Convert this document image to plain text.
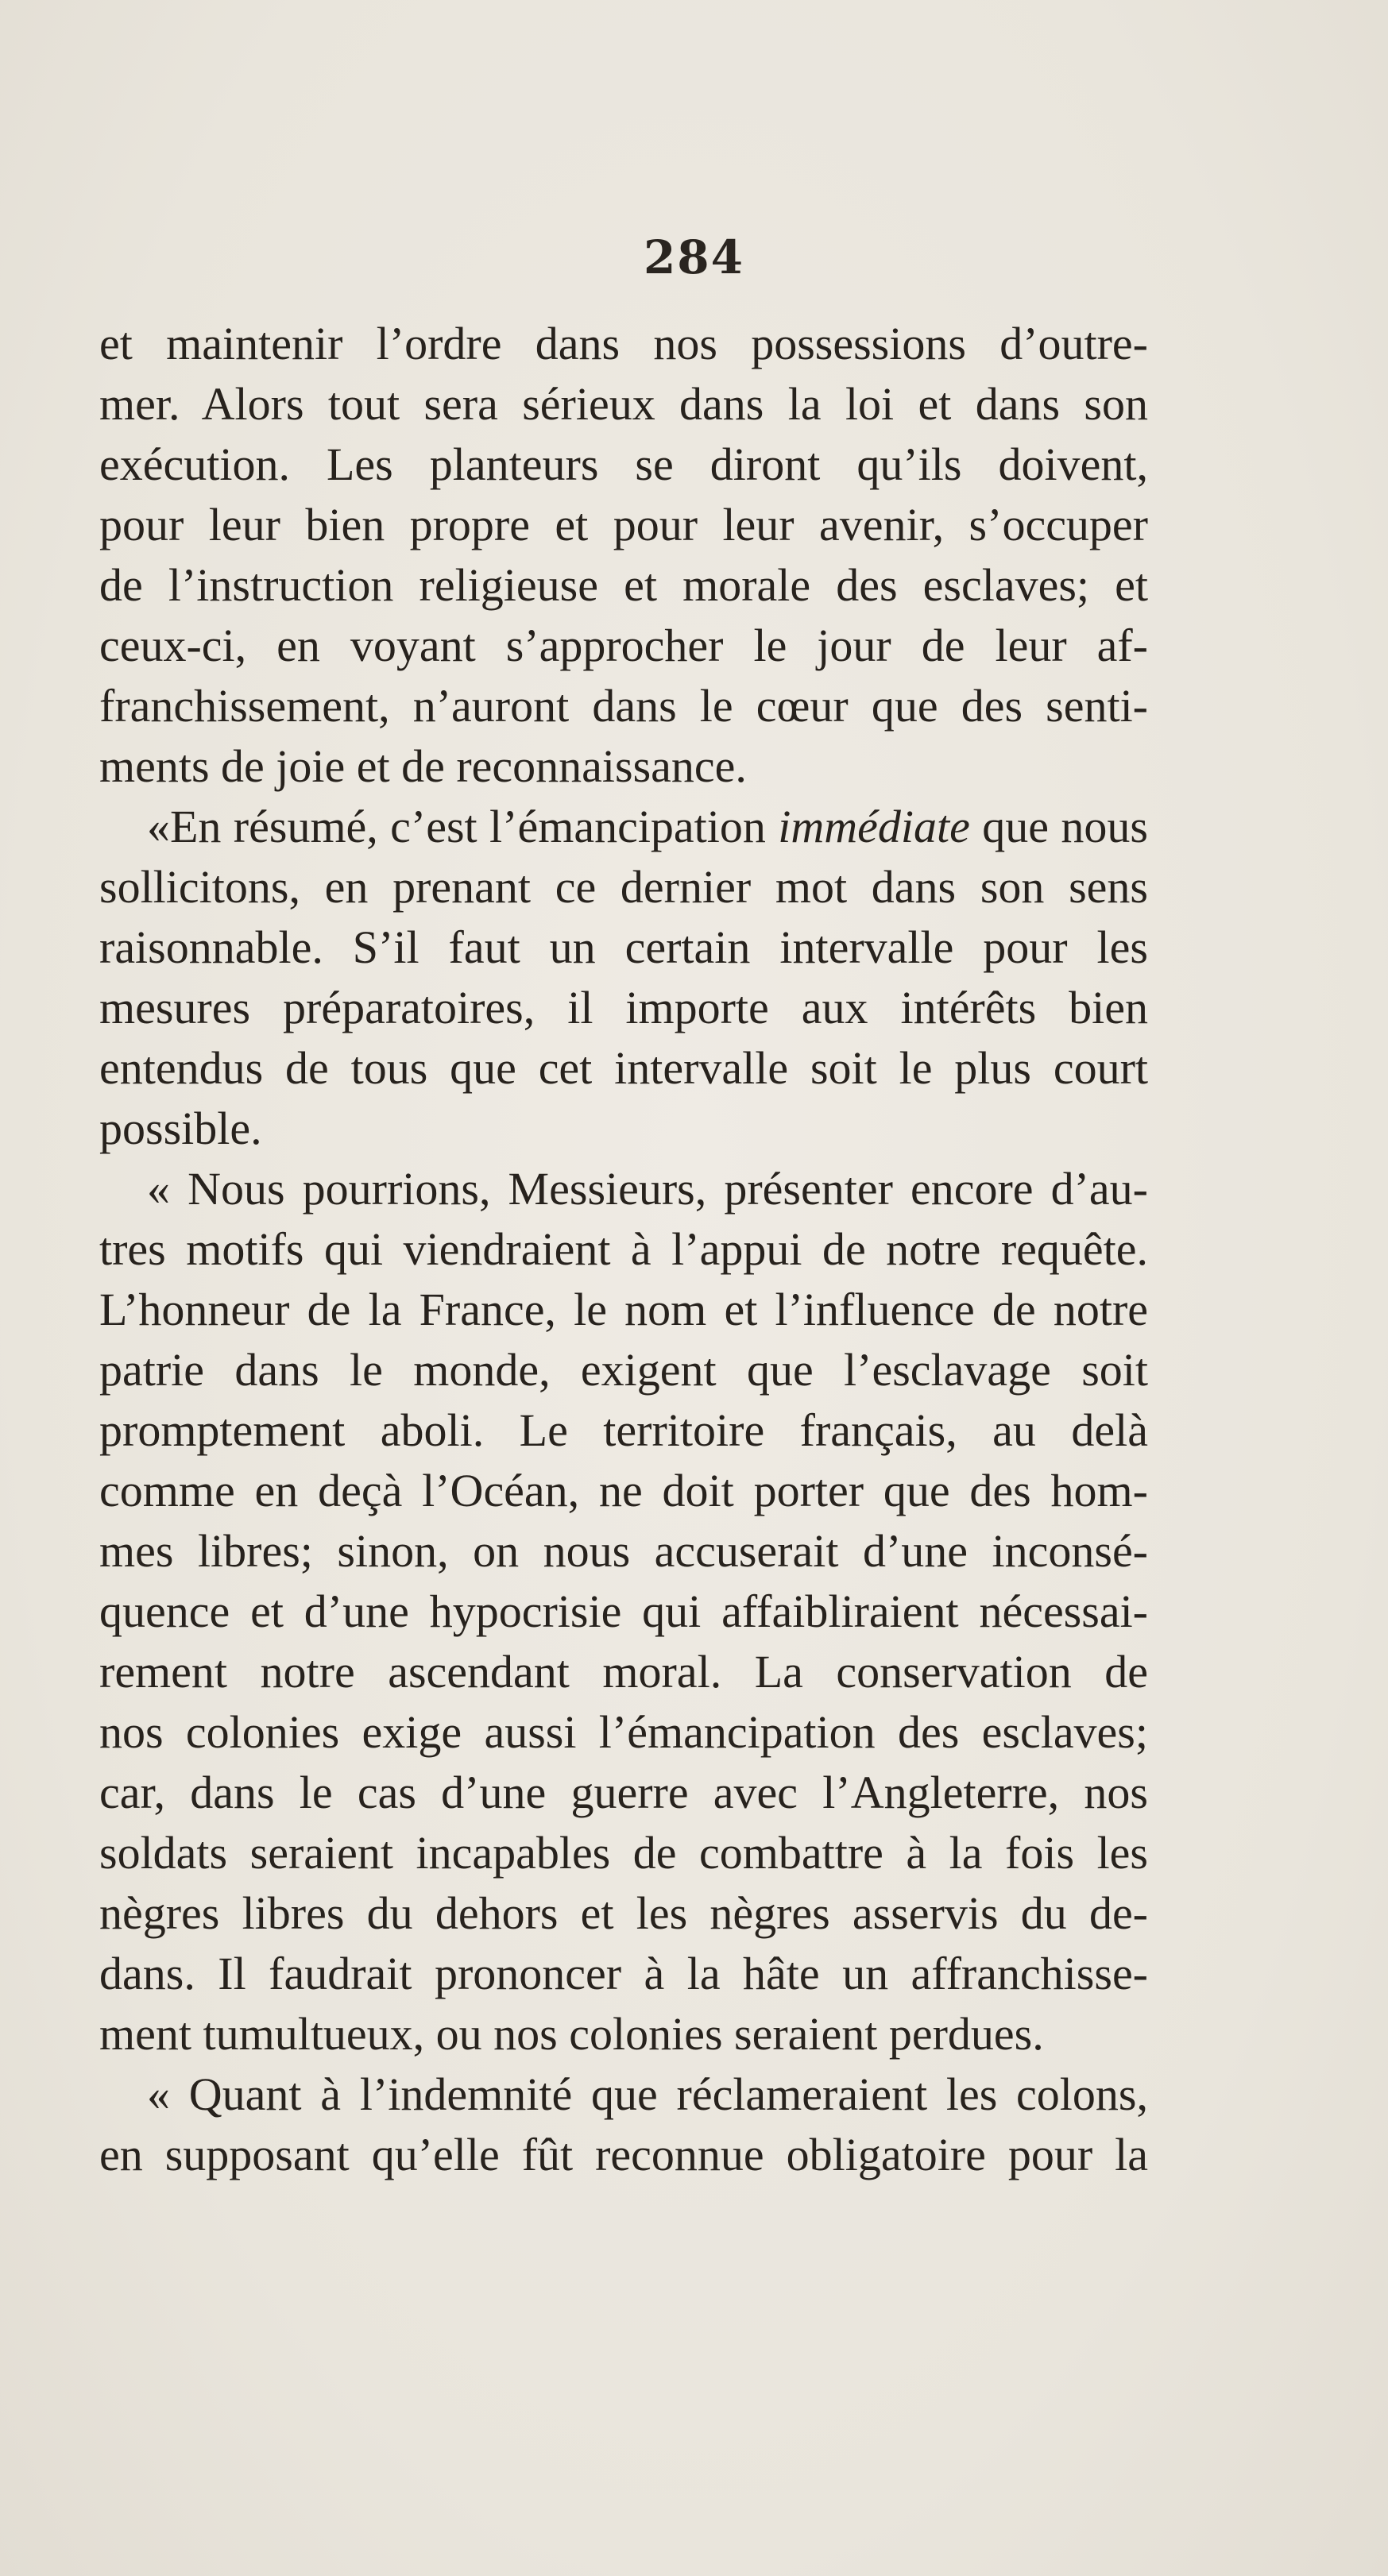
284
et maintenir l’ordre dans nos possessions d’outre-
mer. Alors tout sera sérieux dans la loi et dans son
exécution. Les planteurs se diront qu’ils doivent,
pour leur bien propre et pour leur avenir, s’occuper
de l’instruction religieuse et morale des esclaves; et
ceux-ci, en voyant s’approcher le jour de leur af-
franchissement, n’auront dans le cœur que des senti-
ments de joie et de reconnaissance.
«En résumé, c’est l’émancipation immédiate que nous
sollicitons, en prenant ce dernier mot dans son sens
raisonnable. S’il faut un certain intervalle pour les
mesures préparatoires, il importe aux intérêts bien
entendus de tous que cet intervalle soit le plus court
possible.
« Nous pourrions, Messieurs, présenter encore d’au-
tres motifs qui viendraient à l’appui de notre requête.
L’honneur de la France, le nom et l’influence de notre
patrie dans le monde, exigent que l’esclavage soit
promptement aboli. Le territoire français, au delà
comme en deçà l’Océan, ne doit porter que des hom-
mes libres; sinon, on nous accuserait d’une inconsé-
quence et d’une hypocrisie qui affaibliraient nécessai-
rement notre ascendant moral. La conservation de
nos colonies exige aussi l’émancipation des esclaves;
car, dans le cas d’une guerre avec l’Angleterre, nos
soldats seraient incapables de combattre à la fois les
nègres libres du dehors et les nègres asservis du de-
dans. Il faudrait prononcer à la hâte un affranchisse-
ment tumultueux, ou nos colonies seraient perdues.
« Quant à l’indemnité que réclameraient les colons,
en supposant qu’elle fût reconnue obligatoire pour la
